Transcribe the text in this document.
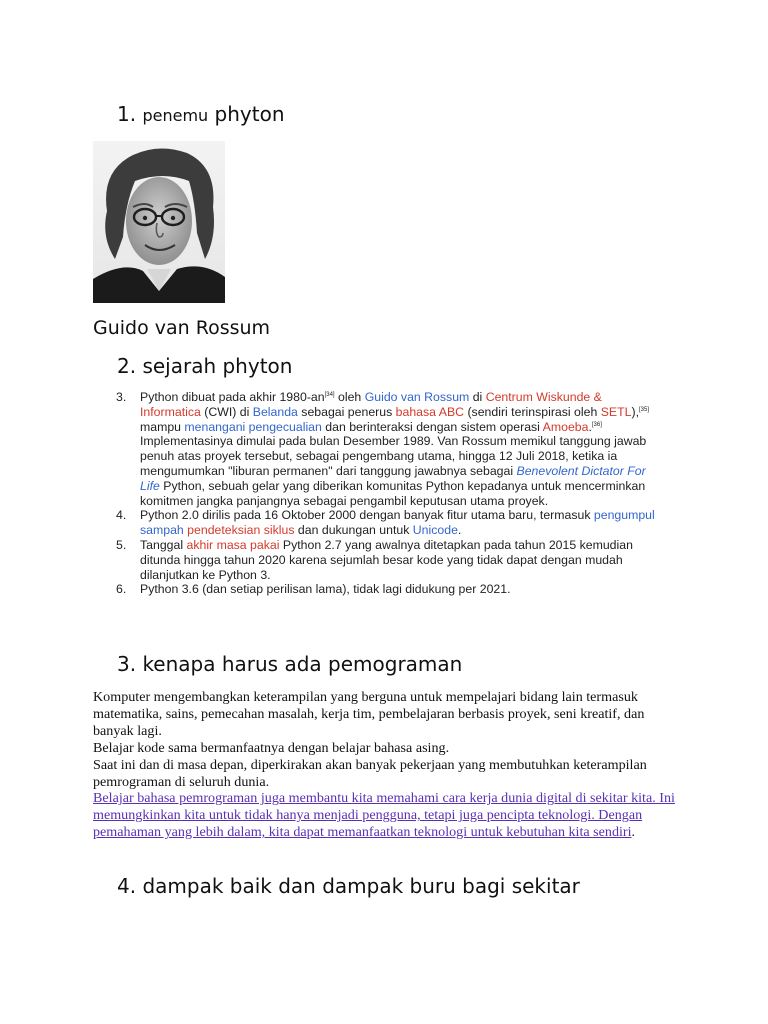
1. penemu phyton
Guido van Rossum
2. sejarah phyton
3. Python dibuat pada akhir 1980-an[34] oleh Guido van Rossum di Centrum Wiskunde & Informatica (CWI) di Belanda sebagai penerus bahasa ABC (sendiri terinspirasi oleh SETL),[35] mampu menangani pengecualian dan berinteraksi dengan sistem operasi Amoeba.[36] Implementasinya dimulai pada bulan Desember 1989. Van Rossum memikul tanggung jawab penuh atas proyek tersebut, sebagai pengembang utama, hingga 12 Juli 2018, ketika ia mengumumkan "liburan permanen" dari tanggung jawabnya sebagai Benevolent Dictator For Life Python, sebuah gelar yang diberikan komunitas Python kepadanya untuk mencerminkan komitmen jangka panjangnya sebagai pengambil keputusan utama proyek.
4. Python 2.0 dirilis pada 16 Oktober 2000 dengan banyak fitur utama baru, termasuk pengumpul sampah pendeteksian siklus dan dukungan untuk Unicode.
5. Tanggal akhir masa pakai Python 2.7 yang awalnya ditetapkan pada tahun 2015 kemudian ditunda hingga tahun 2020 karena sejumlah besar kode yang tidak dapat dengan mudah dilanjutkan ke Python 3.
6. Python 3.6 (dan setiap perilisan lama), tidak lagi didukung per 2021.
3. kenapa harus ada pemograman
Komputer mengembangkan keterampilan yang berguna untuk mempelajari bidang lain termasuk matematika, sains, pemecahan masalah, kerja tim, pembelajaran berbasis proyek, seni kreatif, dan banyak lagi.
Belajar kode sama bermanfaatnya dengan belajar bahasa asing.
Saat ini dan di masa depan, diperkirakan akan banyak pekerjaan yang membutuhkan keterampilan pemrograman di seluruh dunia.
Belajar bahasa pemrograman juga membantu kita memahami cara kerja dunia digital di sekitar kita. Ini memungkinkan kita untuk tidak hanya menjadi pengguna, tetapi juga pencipta teknologi. Dengan pemahaman yang lebih dalam, kita dapat memanfaatkan teknologi untuk kebutuhan kita sendiri.
4. dampak baik dan dampak buru bagi sekitar
